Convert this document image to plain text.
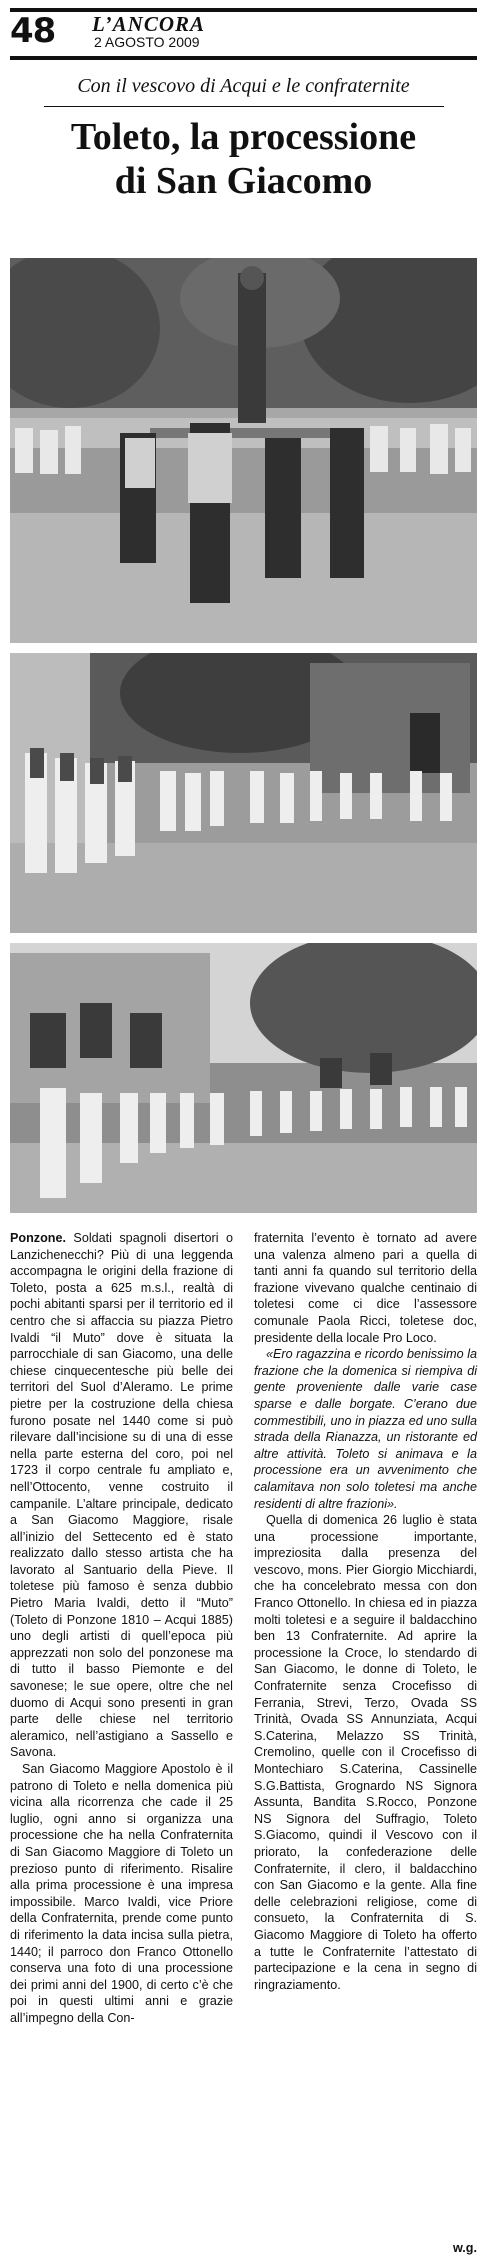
48 L’ANCORA
2 AGOSTO 2009
Con il vescovo di Acqui e le confraternite
Toleto, la processione
di San Giacomo

Ponzone. Soldati spagnoli disertori o Lanzichenecchi? Più di una leggenda accompagna le origini della frazione di Toleto, posta a 625 m.s.l., realtà di pochi abitanti sparsi per il territorio ed il centro che si affaccia su piazza Pietro Ivaldi “il Muto” dove è situata la parrocchiale di san Giacomo, una delle chiese cinquecentesche più belle dei territori del Suol d’Aleramo. Le prime pietre per la costruzione della chiesa furono posate nel 1440 come si può rilevare dall’incisione su di una di esse nella parte esterna del coro, poi nel 1723 il corpo centrale fu ampliato e, nell’Ottocento, venne costruito il campanile. L’altare principale, dedicato a San Giacomo Maggiore, risale all’inizio del Settecento ed è stato realizzato dallo stesso artista che ha lavorato al Santuario della Pieve. Il toletese più famoso è senza dubbio Pietro Maria Ivaldi, detto il “Muto” (Toleto di Ponzone 1810 – Acqui 1885) uno degli artisti di quell’epoca più apprezzati non solo del ponzonese ma di tutto il basso Piemonte e del savonese; le sue opere, oltre che nel duomo di Acqui sono presenti in gran parte delle chiese nel territorio aleramico, nell’astigiano a Sassello e Savona.

San Giacomo Maggiore Apostolo è il patrono di Toleto e nella domenica più vicina alla ricorrenza che cade il 25 luglio, ogni anno si organizza una processione che ha nella Confraternita di San Giacomo Maggiore di Toleto un prezioso punto di riferimento. Risalire alla prima processione è una impresa impossibile. Marco Ivaldi, vice Priore della Confraternita, prende come punto di riferimento la data incisa sulla pietra, 1440; il parroco don Franco Ottonello conserva una foto di una processione dei primi anni del 1900, di certo c’è che poi in questi ultimi anni e grazie all’impegno della Con-

fraternita l’evento è tornato ad avere una valenza almeno pari a quella di tanti anni fa quando sul territorio della frazione vivevano qualche centinaio di toletesi come ci dice l’assessore comunale Paola Ricci, toletese doc, presidente della locale Pro Loco.

«Ero ragazzina e ricordo benissimo la frazione che la domenica si riempiva di gente proveniente dalle varie case sparse e dalle borgate. C’erano due commestibili, uno in piazza ed uno sulla strada della Rianazza, un ristorante ed altre attività. Toleto si animava e la processione era un avvenimento che calamitava non solo toletesi ma anche residenti di altre frazioni».

Quella di domenica 26 luglio è stata una processione importante, impreziosita dalla presenza del vescovo, mons. Pier Giorgio Micchiardi, che ha concelebrato messa con don Franco Ottonello. In chiesa ed in piazza molti toletesi e a seguire il baldacchino ben 13 Confraternite. Ad aprire la processione la Croce, lo stendardo di San Giacomo, le donne di Toleto, le Confraternite senza Crocefisso di Ferrania, Strevi, Terzo, Ovada SS Trinità, Ovada SS Annunziata, Acqui S.Caterina, Melazzo SS Trinità, Cremolino, quelle con il Crocefisso di Montechiaro S.Caterina, Cassinelle S.G.Battista, Grognardo NS Signora Assunta, Bandita S.Rocco, Ponzone NS Signora del Suffragio, Toleto S.Giacomo, quindi il Vescovo con il priorato, la confederazione delle Confraternite, il clero, il baldacchino con San Giacomo e la gente. Alla fine delle celebrazioni religiose, come di consueto, la Confraternita di S. Giacomo Maggiore di Toleto ha offerto a tutte le Confraternite l’attestato di partecipazione e la cena in segno di ringraziamento.

w.g.
